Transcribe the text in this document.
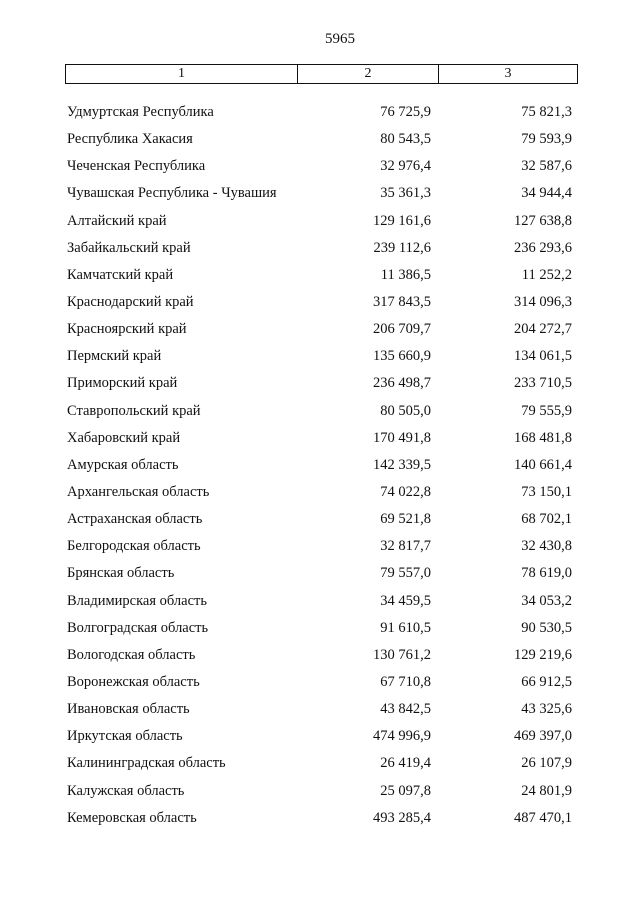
5965
1	2	3
Удмуртская Республика	76 725,9	75 821,3
Республика Хакасия	80 543,5	79 593,9
Чеченская Республика	32 976,4	32 587,6
Чувашская Республика - Чувашия	35 361,3	34 944,4
Алтайский край	129 161,6	127 638,8
Забайкальский край	239 112,6	236 293,6
Камчатский край	11 386,5	11 252,2
Краснодарский край	317 843,5	314 096,3
Красноярский край	206 709,7	204 272,7
Пермский край	135 660,9	134 061,5
Приморский край	236 498,7	233 710,5
Ставропольский край	80 505,0	79 555,9
Хабаровский край	170 491,8	168 481,8
Амурская область	142 339,5	140 661,4
Архангельская область	74 022,8	73 150,1
Астраханская область	69 521,8	68 702,1
Белгородская область	32 817,7	32 430,8
Брянская область	79 557,0	78 619,0
Владимирская область	34 459,5	34 053,2
Волгоградская область	91 610,5	90 530,5
Вологодская область	130 761,2	129 219,6
Воронежская область	67 710,8	66 912,5
Ивановская область	43 842,5	43 325,6
Иркутская область	474 996,9	469 397,0
Калининградская область	26 419,4	26 107,9
Калужская область	25 097,8	24 801,9
Кемеровская область	493 285,4	487 470,1
